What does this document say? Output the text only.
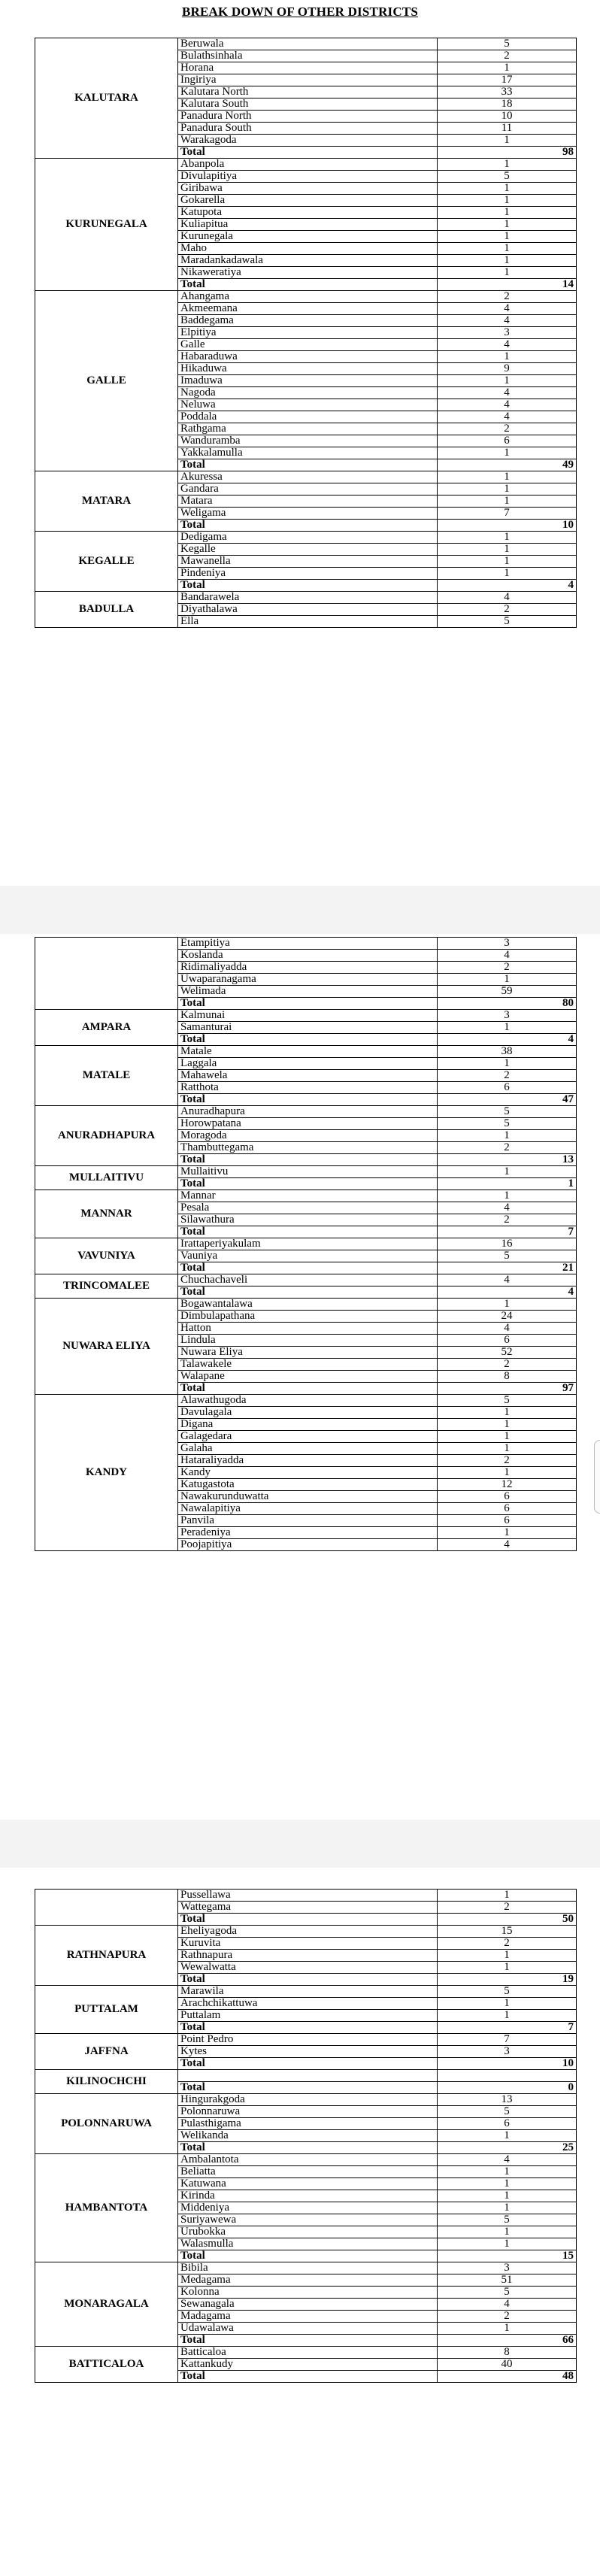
BREAK DOWN OF OTHER DISTRICTS
KALUTARA	Beruwala	5
	Bulathsinhala	2
	Horana	1
	Ingiriya	17
	Kalutara North	33
	Kalutara South	18
	Panadura North	10
	Panadura South	11
	Warakagoda	1
	Total	98
KURUNEGALA	Abanpola	1
	Divulapitiya	5
	Giribawa	1
	Gokarella	1
	Katupota	1
	Kuliapitua	1
	Kurunegala	1
	Maho	1
	Maradankadawala	1
	Nikaweratiya	1
	Total	14
GALLE	Ahangama	2
	Akmeemana	4
	Baddegama	4
	Elpitiya	3
	Galle	4
	Habaraduwa	1
	Hikaduwa	9
	Imaduwa	1
	Nagoda	4
	Neluwa	4
	Poddala	4
	Rathgama	2
	Wanduramba	6
	Yakkalamulla	1
	Total	49
MATARA	Akuressa	1
	Gandara	1
	Matara	1
	Weligama	7
	Total	10
KEGALLE	Dedigama	1
	Kegalle	1
	Mawanella	1
	Pindeniya	1
	Total	4
BADULLA	Bandarawela	4
	Diyathalawa	2
	Ella	5
	Etampitiya	3
	Koslanda	4
	Ridimaliyadda	2
	Uwaparanagama	1
	Welimada	59
	Total	80
AMPARA	Kalmunai	3
	Samanturai	1
	Total	4
MATALE	Matale	38
	Laggala	1
	Mahawela	2
	Ratthota	6
	Total	47
ANURADHAPURA	Anuradhapura	5
	Horowpatana	5
	Moragoda	1
	Thambuttegama	2
	Total	13
MULLAITIVU	Mullaitivu	1
	Total	1
MANNAR	Mannar	1
	Pesala	4
	Silawathura	2
	Total	7
VAVUNIYA	Irattaperiyakulam	16
	Vauniya	5
	Total	21
TRINCOMALEE	Chuchachaveli	4
	Total	4
NUWARA ELIYA	Bogawantalawa	1
	Dimbulapathana	24
	Hatton	4
	Lindula	6
	Nuwara Eliya	52
	Talawakele	2
	Walapane	8
	Total	97
KANDY	Alawathugoda	5
	Davulagala	1
	Digana	1
	Galagedara	1
	Galaha	1
	Hataraliyadda	2
	Kandy	1
	Katugastota	12
	Nawakurunduwatta	6
	Nawalapitiya	6
	Panvila	6
	Peradeniya	1
	Poojapitiya	4
	Pussellawa	1
	Wattegama	2
	Total	50
RATHNAPURA	Eheliyagoda	15
	Kuruvita	2
	Rathnapura	1
	Wewalwatta	1
	Total	19
PUTTALAM	Marawila	5
	Arachchikattuwa	1
	Puttalam	1
	Total	7
JAFFNA	Point Pedro	7
	Kytes	3
	Total	10
KILINOCHCHI		
	Total	0
POLONNARUWA	Hingurakgoda	13
	Polonnaruwa	5
	Pulasthigama	6
	Welikanda	1
	Total	25
HAMBANTOTA	Ambalantota	4
	Beliatta	1
	Katuwana	1
	Kirinda	1
	Middeniya	1
	Suriyawewa	5
	Urubokka	1
	Walasmulla	1
	Total	15
MONARAGALA	Bibila	3
	Medagama	51
	Kolonna	5
	Sewanagala	4
	Madagama	2
	Udawalawa	1
	Total	66
BATTICALOA	Batticaloa	8
	Kattankudy	40
	Total	48
